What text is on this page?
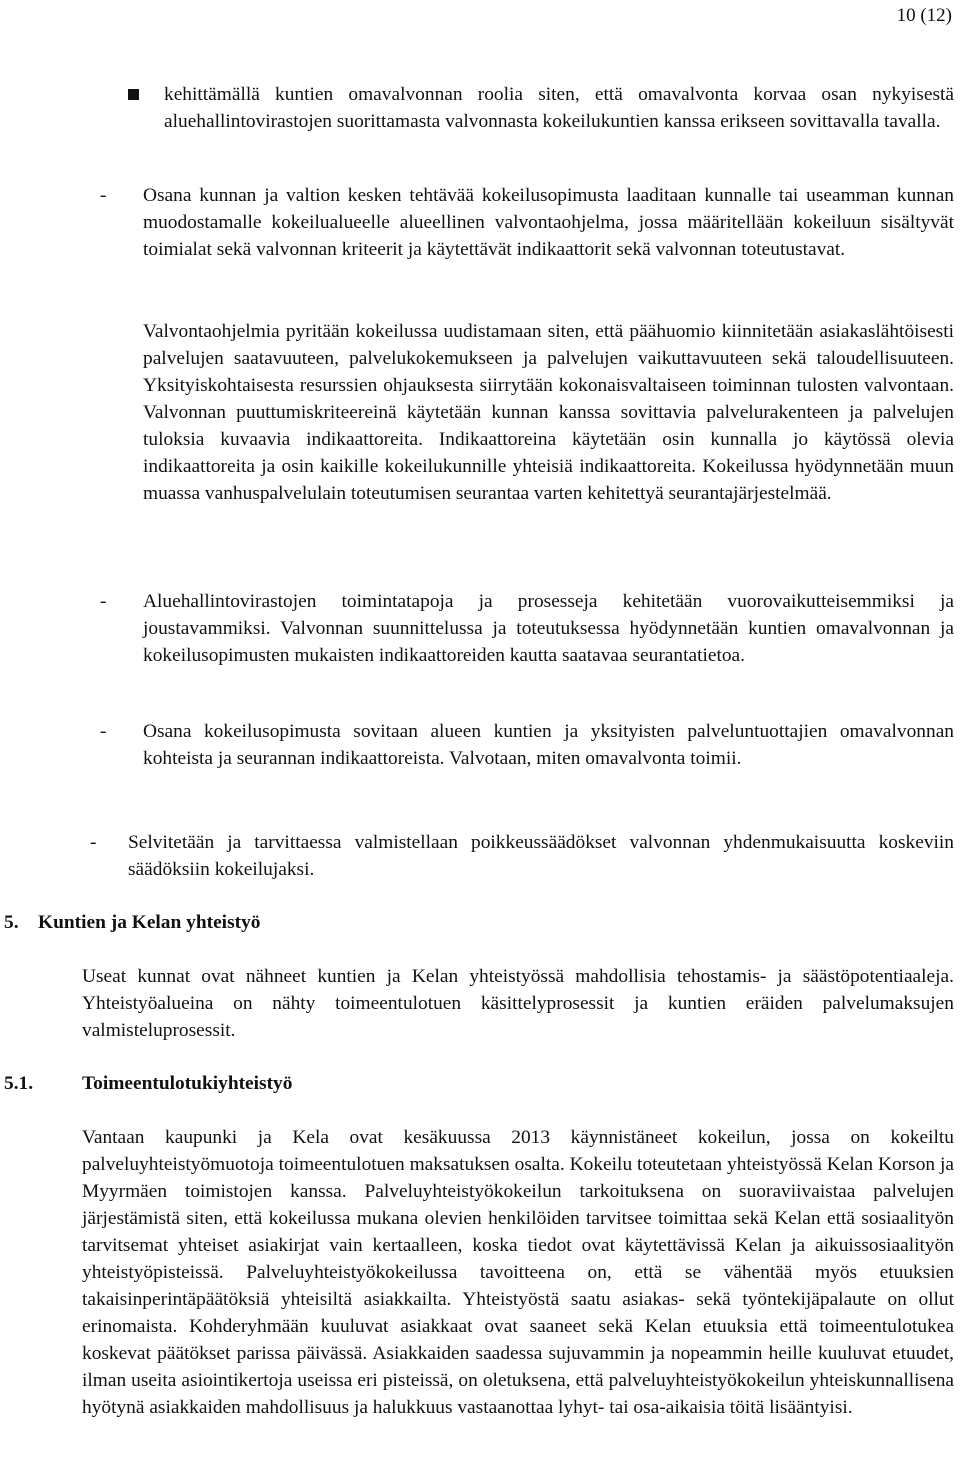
10 (12)

kehittämällä kuntien omavalvonnan roolia siten, että omavalvonta korvaa osan nykyisestä aluehallintovirastojen suorittamasta valvonnasta kokeilukuntien kanssa erikseen sovittavalla tavalla.

- Osana kunnan ja valtion kesken tehtävää kokeilusopimusta laaditaan kunnalle tai useamman kunnan muodostamalle kokeilualueelle alueellinen valvontaohjelma, jossa määritellään kokeiluun sisältyvät toimialat sekä valvonnan kriteerit ja käytettävät indikaattorit sekä valvonnan toteutustavat.

Valvontaohjelmia pyritään kokeilussa uudistamaan siten, että päähuomio kiinnitetään asiakaslähtöisesti palvelujen saatavuuteen, palvelukokemukseen ja palvelujen vaikuttavuuteen sekä taloudellisuuteen. Yksityiskohtaisesta resurssien ohjauksesta siirrytään kokonaisvaltaiseen toiminnan tulosten valvontaan. Valvonnan puuttumiskriteereinä käytetään kunnan kanssa sovittavia palvelurakenteen ja palvelujen tuloksia kuvaavia indikaattoreita. Indikaattoreina käytetään osin kunnalla jo käytössä olevia indikaattoreita ja osin kaikille kokeilukunnille yhteisiä indikaattoreita. Kokeilussa hyödynnetään muun muassa vanhuspalvelulain toteutumisen seurantaa varten kehitettyä seurantajärjestelmää.

- Aluehallintovirastojen toimintatapoja ja prosesseja kehitetään vuorovaikutteisemmiksi ja joustavammiksi. Valvonnan suunnittelussa ja toteutuksessa hyödynnetään kuntien omavalvonnan ja kokeilusopimusten mukaisten indikaattoreiden kautta saatavaa seurantatietoa.

- Osana kokeilusopimusta sovitaan alueen kuntien ja yksityisten palveluntuottajien omavalvonnan kohteista ja seurannan indikaattoreista. Valvotaan, miten omavalvonta toimii.

- Selvitetään ja tarvittaessa valmistellaan poikkeussäädökset valvonnan yhdenmukaisuutta koskeviin säädöksiin kokeilujaksi.

5. Kuntien ja Kelan yhteistyö

Useat kunnat ovat nähneet kuntien ja Kelan yhteistyössä mahdollisia tehostamis- ja säästöpotentiaaleja. Yhteistyöalueina on nähty toimeentulotuen käsittelyprosessit ja kuntien eräiden palvelumaksujen valmisteluprosessit.

5.1.	Toimeentulotukiyhteistyö

Vantaan kaupunki ja Kela ovat kesäkuussa 2013 käynnistäneet kokeilun, jossa on kokeiltu palveluyhteistyömuotoja toimeentulotuen maksatuksen osalta. Kokeilu toteutetaan yhteistyössä Kelan Korson ja Myyrmäen toimistojen kanssa. Palveluyhteistyökokeilun tarkoituksena on suoraviivaistaa palvelujen järjestämistä siten, että kokeilussa mukana olevien henkilöiden tarvitsee toimittaa sekä Kelan että sosiaalityön tarvitsemat yhteiset asiakirjat vain kertaalleen, koska tiedot ovat käytettävissä Kelan ja aikuissosiaalityön yhteistyöpisteissä. Palveluyhteistyökokeilussa tavoitteena on, että se vähentää myös etuuksien takaisinperintäpäätöksiä yhteisiltä asiakkailta. Yhteistyöstä saatu asiakas- sekä työntekijäpalaute on ollut erinomaista. Kohderyhmään kuuluvat asiakkaat ovat saaneet sekä Kelan etuuksia että toimeentulotukea koskevat päätökset parissa päivässä. Asiakkaiden saadessa sujuvammin ja nopeammin heille kuuluvat etuudet, ilman useita asiointikertoja useissa eri pisteissä, on oletuksena, että palveluyhteistyökokeilun yhteiskunnallisena hyötynä asiakkaiden mahdollisuus ja halukkuus vastaanottaa lyhyt- tai osa-aikaisia töitä lisääntyisi.
